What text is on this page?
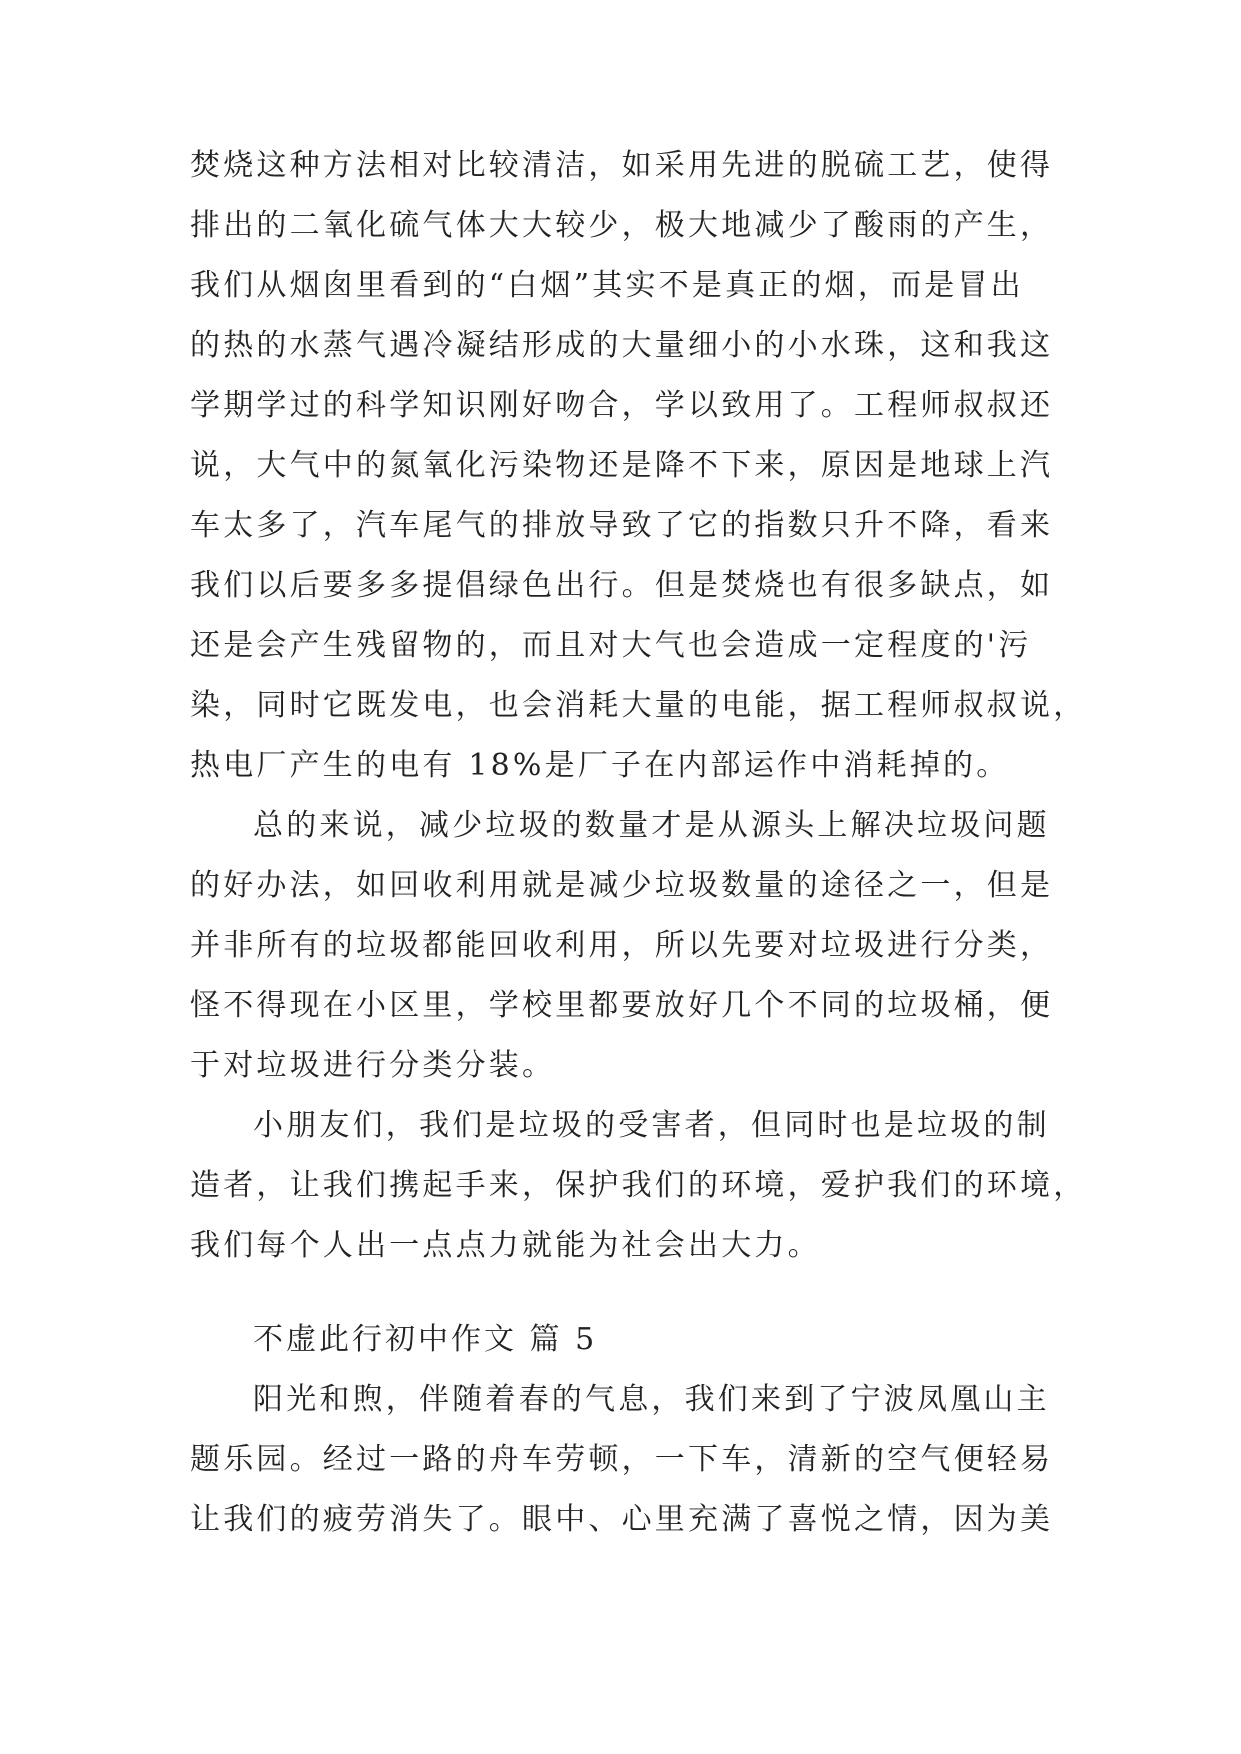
焚烧这种方法相对比较清洁，如采用先进的脱硫工艺，使得
排出的二氧化硫气体大大较少，极大地减少了酸雨的产生，
我们从烟囱里看到的“白烟”其实不是真正的烟，而是冒出
的热的水蒸气遇冷凝结形成的大量细小的小水珠，这和我这
学期学过的科学知识刚好吻合，学以致用了。工程师叔叔还
说，大气中的氮氧化污染物还是降不下来，原因是地球上汽
车太多了，汽车尾气的排放导致了它的指数只升不降，看来
我们以后要多多提倡绿色出行。但是焚烧也有很多缺点，如
还是会产生残留物的，而且对大气也会造成一定程度的'污
染，同时它既发电，也会消耗大量的电能，据工程师叔叔说，
热电厂产生的电有 18%是厂子在内部运作中消耗掉的。
总的来说，减少垃圾的数量才是从源头上解决垃圾问题
的好办法，如回收利用就是减少垃圾数量的途径之一，但是
并非所有的垃圾都能回收利用，所以先要对垃圾进行分类，
怪不得现在小区里，学校里都要放好几个不同的垃圾桶，便
于对垃圾进行分类分装。
小朋友们，我们是垃圾的受害者，但同时也是垃圾的制
造者，让我们携起手来，保护我们的环境，爱护我们的环境，
我们每个人出一点点力就能为社会出大力。
不虚此行初中作文 篇 5
阳光和煦，伴随着春的气息，我们来到了宁波凤凰山主
题乐园。经过一路的舟车劳顿，一下车，清新的空气便轻易
让我们的疲劳消失了。眼中、心里充满了喜悦之情，因为美
